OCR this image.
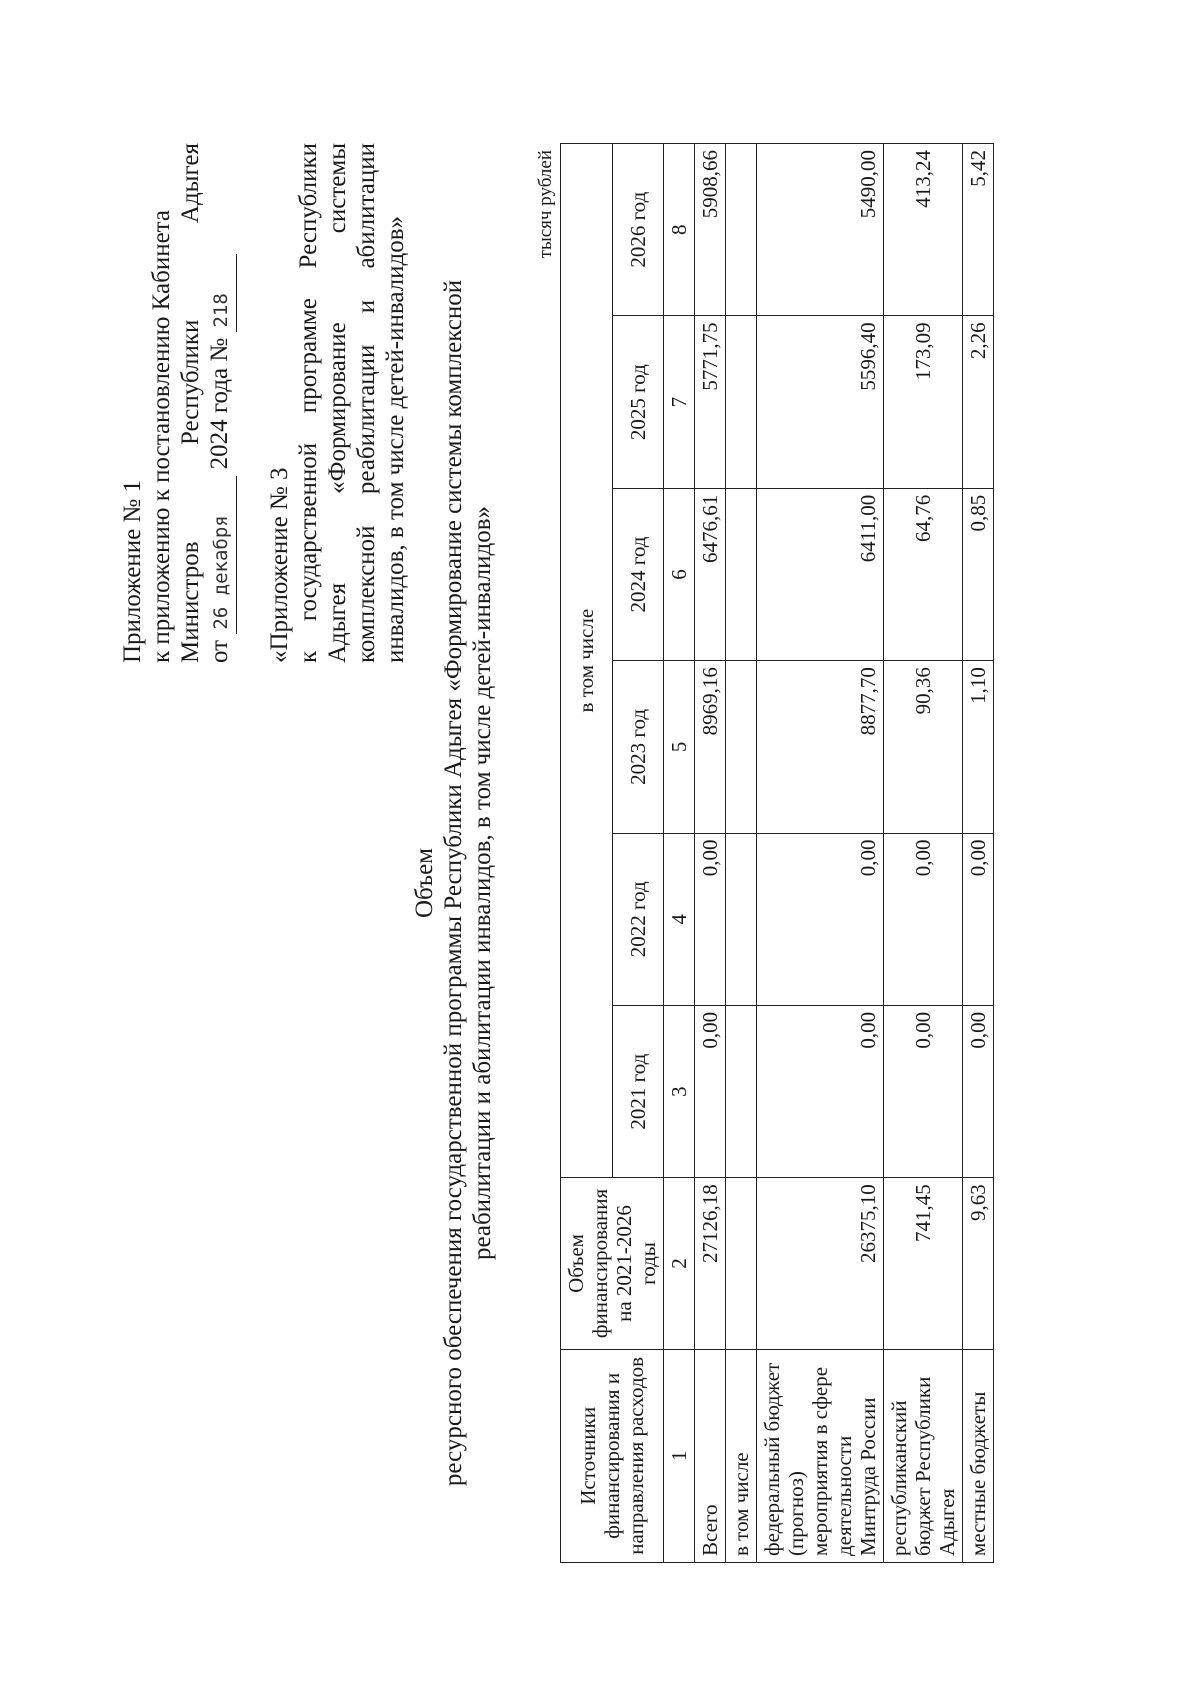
Приложение № 1 к приложению к постановлению Кабинета Министров
Республики
Адыгея
от 26 декабря 2024 года № 218
«Приложение № 3 к
государственной
программе
Республики
Адыгея
«Формирование
системы
комплексной
реабилитации
и
абилитации
инвалидов, в том числе детей-инвалидов»
Объем ресурсного обеспечения государственной программы Республики Адыгея «Формирование системы комплексной реабилитации и абилитации инвалидов, в том числе детей-инвалидов»
тысяч рублей
Источники финансирования и направления расходов	Объем финансирования на 2021-2026 годы	в том числе					
		2021 год	2022 год	2023 год	2024 год	2025 год	2026 год
1	2	3	4	5	6	7	8
Всего	27126,18	0,00	0,00	8969,16	6476,61	5771,75	5908,66
в том числе							
федеральный бюджет (прогноз) мероприятия в сфере деятельности Минтруда России	26375,10	0,00	0,00	8877,70	6411,00	5596,40	5490,00
республиканский бюджет Республики Адыгея	741,45	0,00	0,00	90,36	64,76	173,09	413,24
местные бюджеты	9,63	0,00	0,00	1,10	0,85	2,26	5,42
